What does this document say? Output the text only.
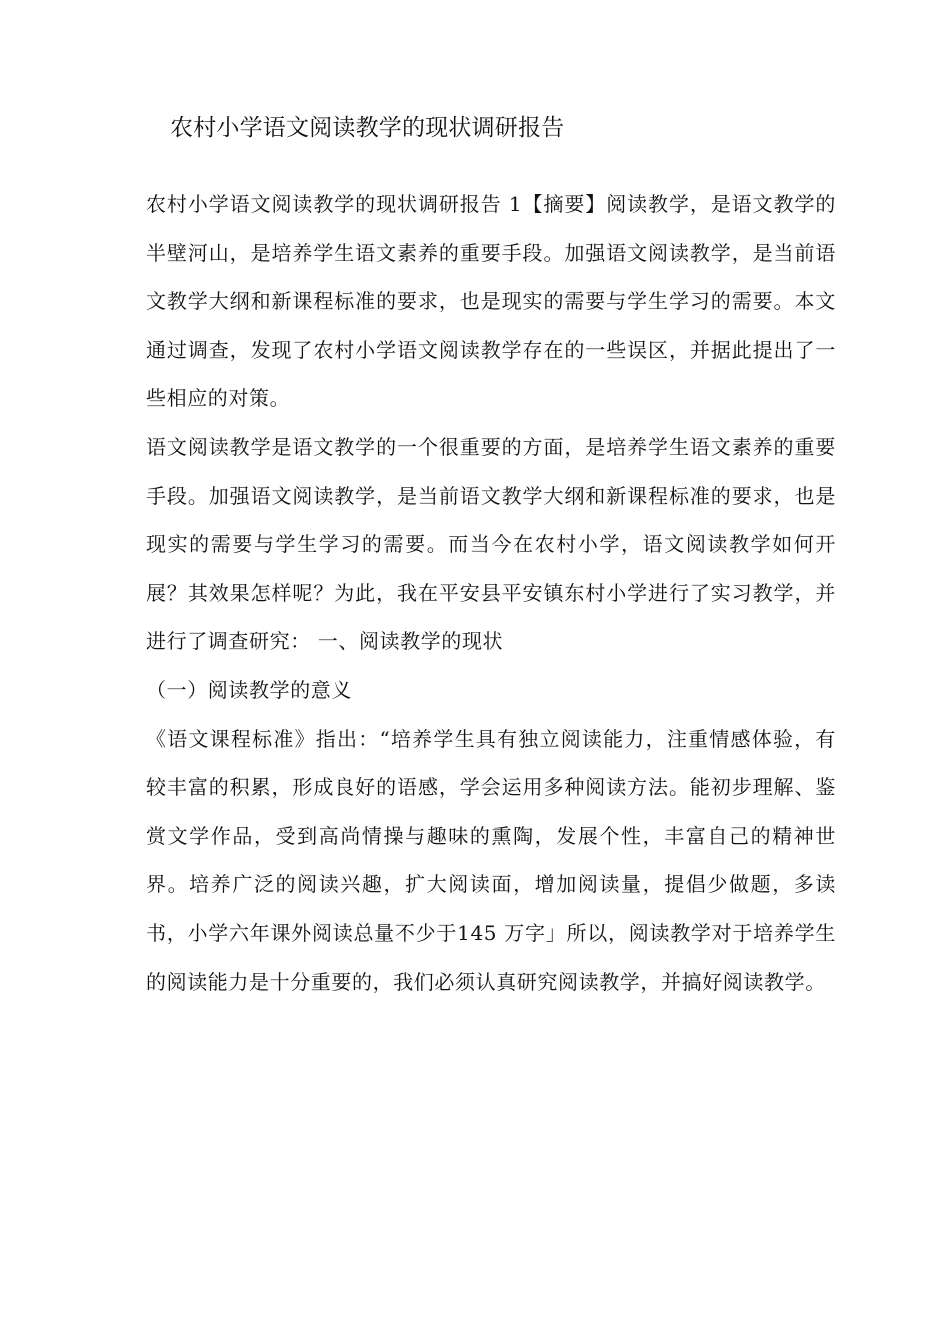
农村小学语文阅读教学的现状调研报告

农村小学语文阅读教学的现状调研报告 1【摘要】阅读教学，是语文教学的半壁河山，是培养学生语文素养的重要手段。加强语文阅读教学，是当前语文教学大纲和新课程标准的要求，也是现实的需要与学生学习的需要。本文通过调查，发现了农村小学语文阅读教学存在的一些误区，并据此提出了一些相应的对策。

语文阅读教学是语文教学的一个很重要的方面，是培养学生语文素养的重要手段。加强语文阅读教学，是当前语文教学大纲和新课程标准的要求，也是现实的需要与学生学习的需要。而当今在农村小学，语文阅读教学如何开展？其效果怎样呢？为此，我在平安县平安镇东村小学进行了实习教学，并进行了调查研究： 一、阅读教学的现状

（一）阅读教学的意义

《语文课程标准》指出：“培养学生具有独立阅读能力，注重情感体验，有较丰富的积累，形成良好的语感，学会运用多种阅读方法。能初步理解、鉴赏文学作品，受到高尚情操与趣味的熏陶，发展个性，丰富自己的精神世界。培养广泛的阅读兴趣，扩大阅读面，增加阅读量，提倡少做题，多读书，小学六年课外阅读总量不少于145 万字」所以，阅读教学对于培养学生的阅读能力是十分重要的，我们必须认真研究阅读教学，并搞好阅读教学。
